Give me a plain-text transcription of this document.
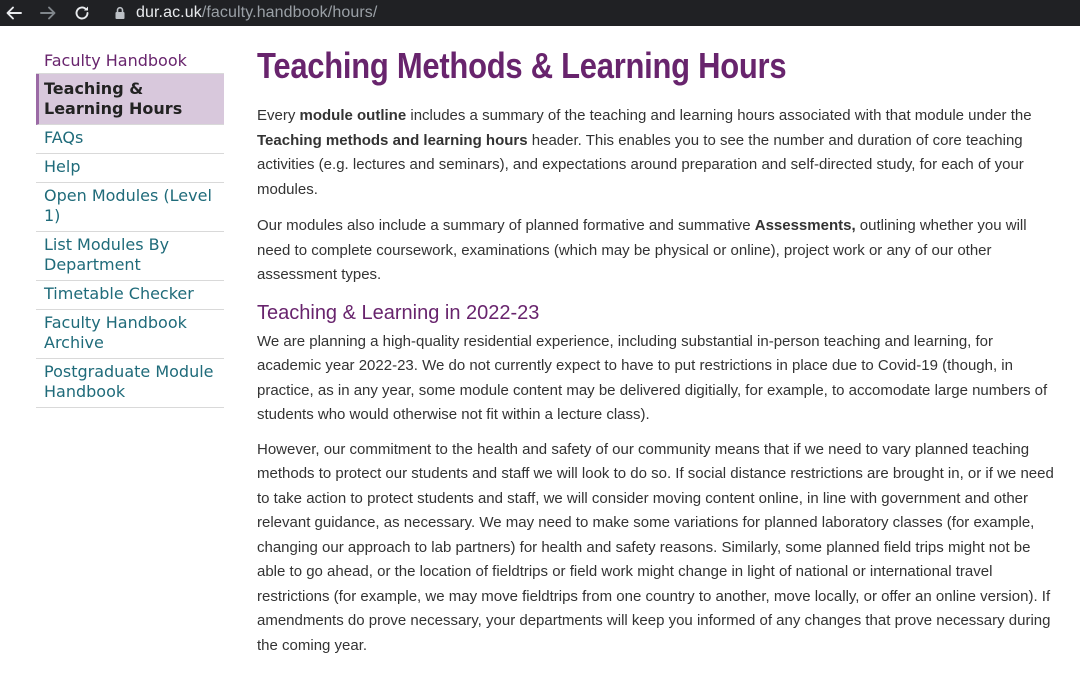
dur.ac.uk/faculty.handbook/hours/
Faculty Handbook
Teaching & Learning Hours
FAQs
Help
Open Modules (Level 1)
List Modules By Department
Timetable Checker
Faculty Handbook Archive
Postgraduate Module Handbook
Teaching Methods & Learning Hours

Every module outline includes a summary of the teaching and learning hours associated with that module under the Teaching methods and learning hours header. This enables you to see the number and duration of core teaching activities (e.g. lectures and seminars), and expectations around preparation and self-directed study, for each of your modules.

Our modules also include a summary of planned formative and summative Assessments, outlining whether you will need to complete coursework, examinations (which may be physical or online), project work or any of our other assessment types.

Teaching & Learning in 2022-23

We are planning a high-quality residential experience, including substantial in-person teaching and learning, for academic year 2022-23. We do not currently expect to have to put restrictions in place due to Covid-19 (though, in practice, as in any year, some module content may be delivered digitially, for example, to accomodate large numbers of students who would otherwise not fit within a lecture class).

However, our commitment to the health and safety of our community means that if we need to vary planned teaching methods to protect our students and staff we will look to do so. If social distance restrictions are brought in, or if we need to take action to protect students and staff, we will consider moving content online, in line with government and other relevant guidance, as necessary. We may need to make some variations for planned laboratory classes (for example, changing our approach to lab partners) for health and safety reasons. Similarly, some planned field trips might not be able to go ahead, or the location of fieldtrips or field work might change in light of national or international travel restrictions (for example, we may move fieldtrips from one country to another, move locally, or offer an online version). If amendments do prove necessary, your departments will keep you informed of any changes that prove necessary during the coming year.
